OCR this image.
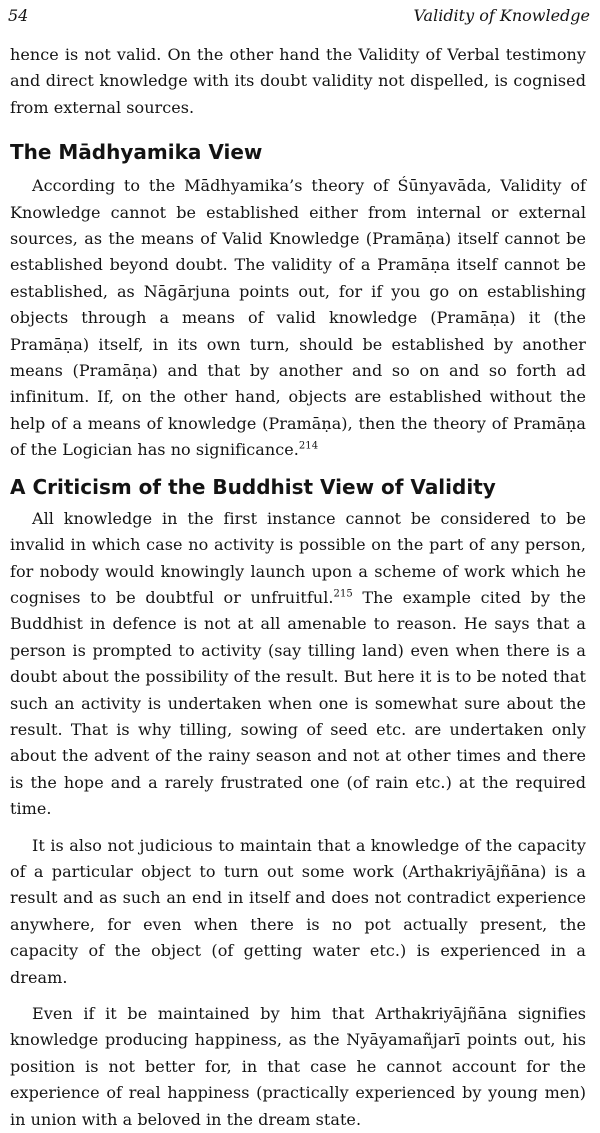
54	Validity of Knowledge

hence is not valid. On the other hand the Validity of Verbal testimony and direct knowledge with its doubt validity not dispelled, is cognised from external sources.

The Mādhyamika View

According to the Mādhyamika’s theory of Śūnyavāda, Validity of Knowledge cannot be established either from internal or external sources, as the means of Valid Knowledge (Pramāṇa) itself cannot be established beyond doubt. The validity of a Pramāṇa itself cannot be established, as Nāgārjuna points out, for if you go on establishing objects through a means of valid knowledge (Pramāṇa) it (the Pramāṇa) itself, in its own turn, should be established by another means (Pramāṇa) and that by another and so on and so forth ad infinitum. If, on the other hand, objects are established without the help of a means of knowledge (Pramāṇa), then the theory of Pramāṇa of the Logician has no significance.$^{214}$

A Criticism of the Buddhist View of Validity

All knowledge in the first instance cannot be considered to be invalid in which case no activity is possible on the part of any person, for nobody would knowingly launch upon a scheme of work which he cognises to be doubtful or unfruitful.$^{215}$ The example cited by the Buddhist in defence is not at all amenable to reason. He says that a person is prompted to activity (say tilling land) even when there is a doubt about the possibility of the result. But here it is to be noted that such an activity is undertaken when one is somewhat sure about the result. That is why tilling, sowing of seed etc. are undertaken only about the advent of the rainy season and not at other times and there is the hope and a rarely frustrated one (of rain etc.) at the required time.

It is also not judicious to maintain that a knowledge of the capacity of a particular object to turn out some work (Arthakriyājñāna) is a result and as such an end in itself and does not contradict experience anywhere, for even when there is no pot actually present, the capacity of the object (of getting water etc.) is experienced in a dream.

Even if it be maintained by him that Arthakriyājñāna signifies knowledge producing happiness, as the Nyāyamañjarī points out, his position is not better for, in that case he cannot account for the experience of real happiness (practically experienced by young men) in union with a beloved in the dream state.
